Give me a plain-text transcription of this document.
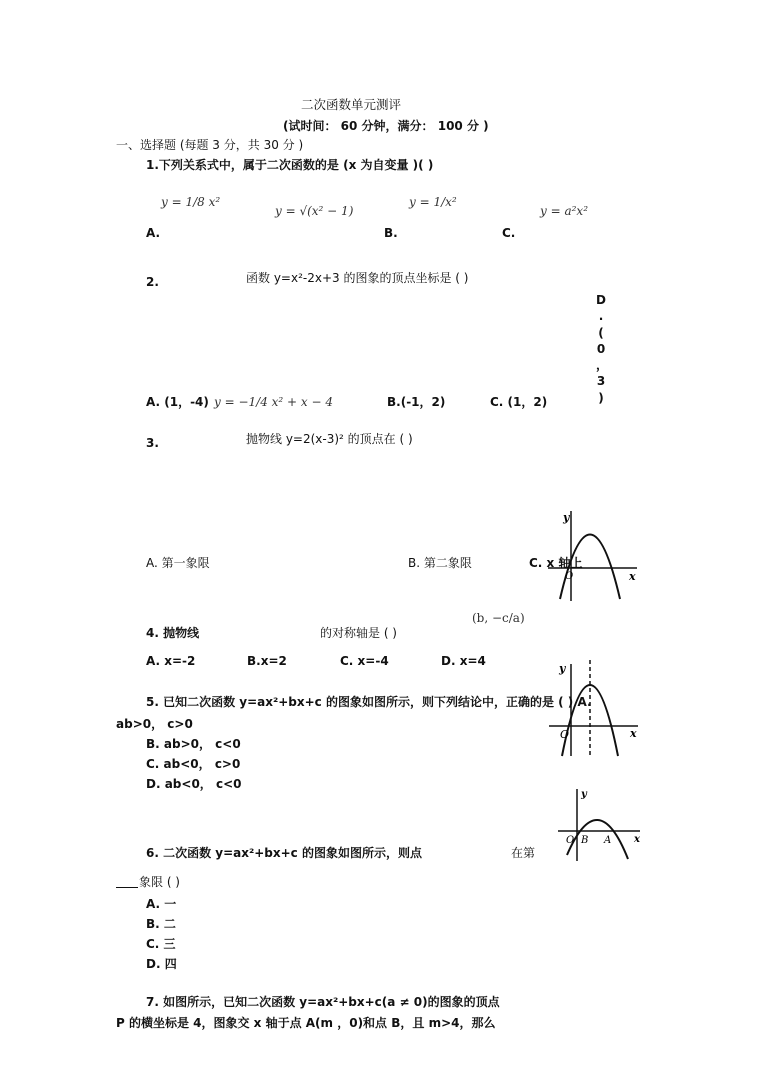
二次函数单元测评
(试时间： 60 分钟，满分： 100 分 )
一、选择题 (每题 3 分，共 30 分 )
1.下列关系式中，属于二次函数的是 (x 为自变量 )( )
y = 1/8 x²
y = √(x² − 1)
y = 1/x²
y = a²x²
A.	B.	C.
2.	函数 y=x²-2x+3 的图象的顶点坐标是 ( )
D
.
(
0
，
3
)
A. (1，-4) y = −1/4 x² + x − 4	B.(-1，2)	C. (1，2)
3.	抛物线 y=2(x-3)² 的顶点在 ( )
A. 第一象限	B. 第二象限	C. x 轴上
y
x
O
4. 抛物线	的对称轴是 ( )
(b, −c/a)
A. x=-2	B.x=2	C. x=-4	D. x=4
y
x
O
5. 已知二次函数 y=ax²+bx+c 的图象如图所示，则下列结论中，正确的是 ( ) A.
ab>0， c>0
B. ab>0， c<0
C. ab<0， c>0
D. ab<0， c<0
y
x
O B A
6. 二次函数 y=ax²+bx+c 的图象如图所示，则点	在第
象限 ( )
A. 一
B. 二
C. 三
D. 四
7. 如图所示，已知二次函数 y=ax²+bx+c(a ≠ 0)的图象的顶点
P 的横坐标是 4，图象交 x 轴于点 A(m ，0)和点 B，且 m>4，那么
